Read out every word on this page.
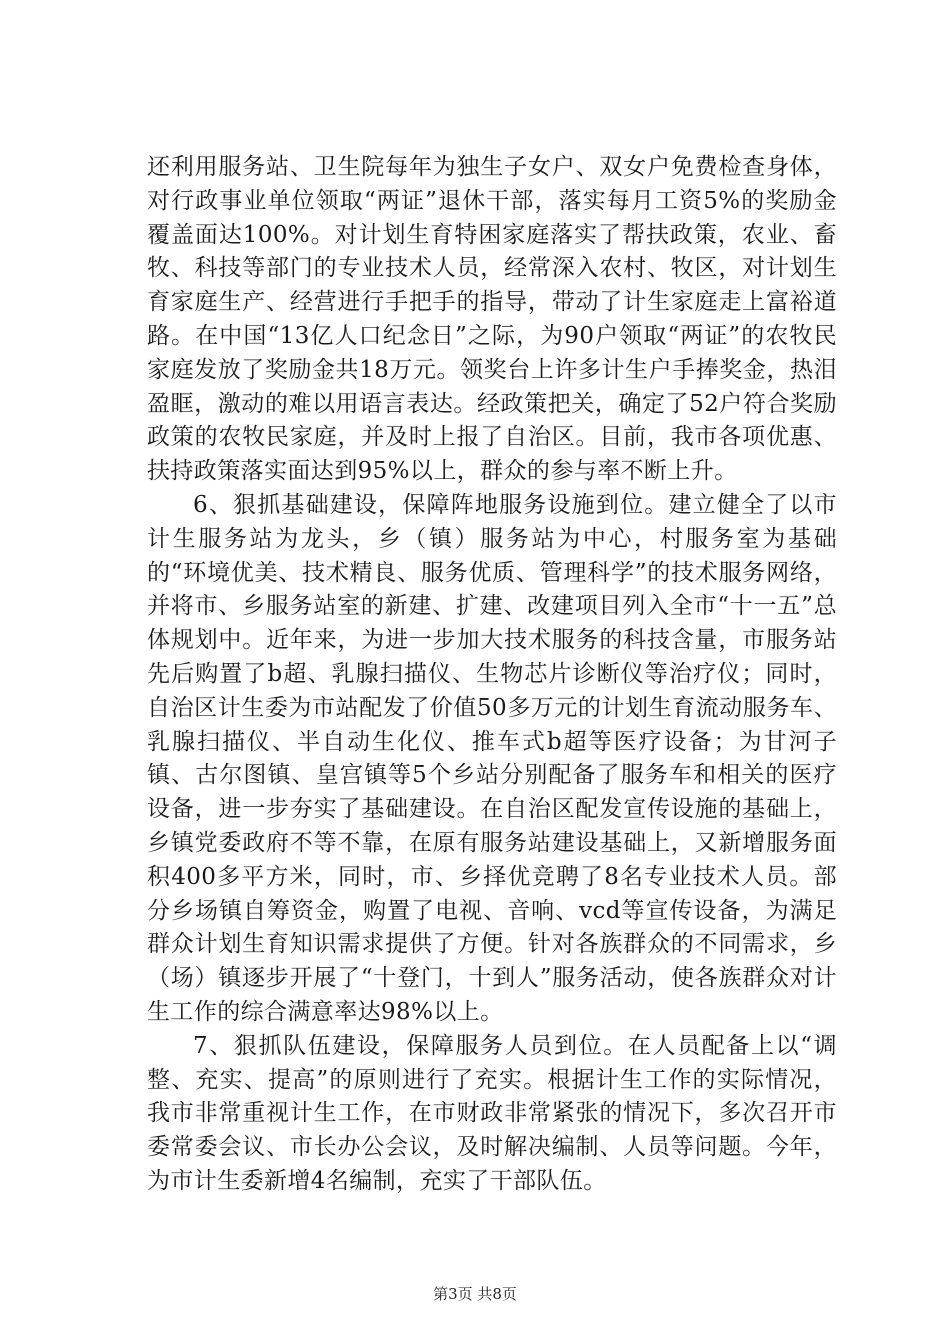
还利用服务站、卫生院每年为独生子女户、双女户免费检查身体，对行政事业单位领取“两证”退休干部，落实每月工资5%的奖励金覆盖面达100%。对计划生育特困家庭落实了帮扶政策，农业、畜牧、科技等部门的专业技术人员，经常深入农村、牧区，对计划生育家庭生产、经营进行手把手的指导，带动了计生家庭走上富裕道路。在中国“13亿人口纪念日”之际，为90户领取“两证”的农牧民家庭发放了奖励金共18万元。领奖台上许多计生户手捧奖金，热泪盈眶，激动的难以用语言表达。经政策把关，确定了52户符合奖励政策的农牧民家庭，并及时上报了自治区。目前，我市各项优惠、扶持政策落实面达到95%以上，群众的参与率不断上升。

6、狠抓基础建设，保障阵地服务设施到位。建立健全了以市计生服务站为龙头，乡（镇）服务站为中心，村服务室为基础的“环境优美、技术精良、服务优质、管理科学”的技术服务网络，并将市、乡服务站室的新建、扩建、改建项目列入全市“十一五”总体规划中。近年来，为进一步加大技术服务的科技含量，市服务站先后购置了b超、乳腺扫描仪、生物芯片诊断仪等治疗仪；同时，自治区计生委为市站配发了价值50多万元的计划生育流动服务车、乳腺扫描仪、半自动生化仪、推车式b超等医疗设备；为甘河子镇、古尔图镇、皇宫镇等5个乡站分别配备了服务车和相关的医疗设备，进一步夯实了基础建设。在自治区配发宣传设施的基础上，乡镇党委政府不等不靠，在原有服务站建设基础上，又新增服务面积400多平方米，同时，市、乡择优竞聘了8名专业技术人员。部分乡场镇自筹资金，购置了电视、音响、vcd等宣传设备，为满足群众计划生育知识需求提供了方便。针对各族群众的不同需求，乡（场）镇逐步开展了“十登门，十到人”服务活动，使各族群众对计生工作的综合满意率达98%以上。

7、狠抓队伍建设，保障服务人员到位。在人员配备上以“调整、充实、提高”的原则进行了充实。根据计生工作的实际情况，我市非常重视计生工作，在市财政非常紧张的情况下，多次召开市委常委会议、市长办公会议，及时解决编制、人员等问题。今年，为市计生委新增4名编制，充实了干部队伍。

第3页 共8页
